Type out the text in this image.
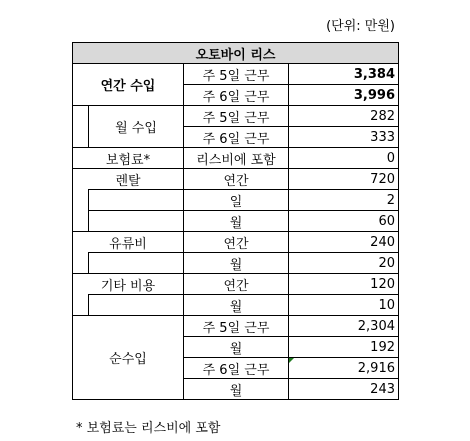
(단위: 만원)
오토바이 리스			
연간 수입		주 5일 근무	3,384
		주 6일 근무	3,996
	월 수입	주 5일 근무	282
		주 6일 근무	333
보험료*		리스비에 포함	0
렌탈		연간	720
		일	2
		월	60
유류비		연간	240
		월	20
기타 비용		연간	120
		월	10
순수입		주 5일 근무	2,304
		월	192
		주 6일 근무	2,916
		월	243
* 보험료는 리스비에 포함
